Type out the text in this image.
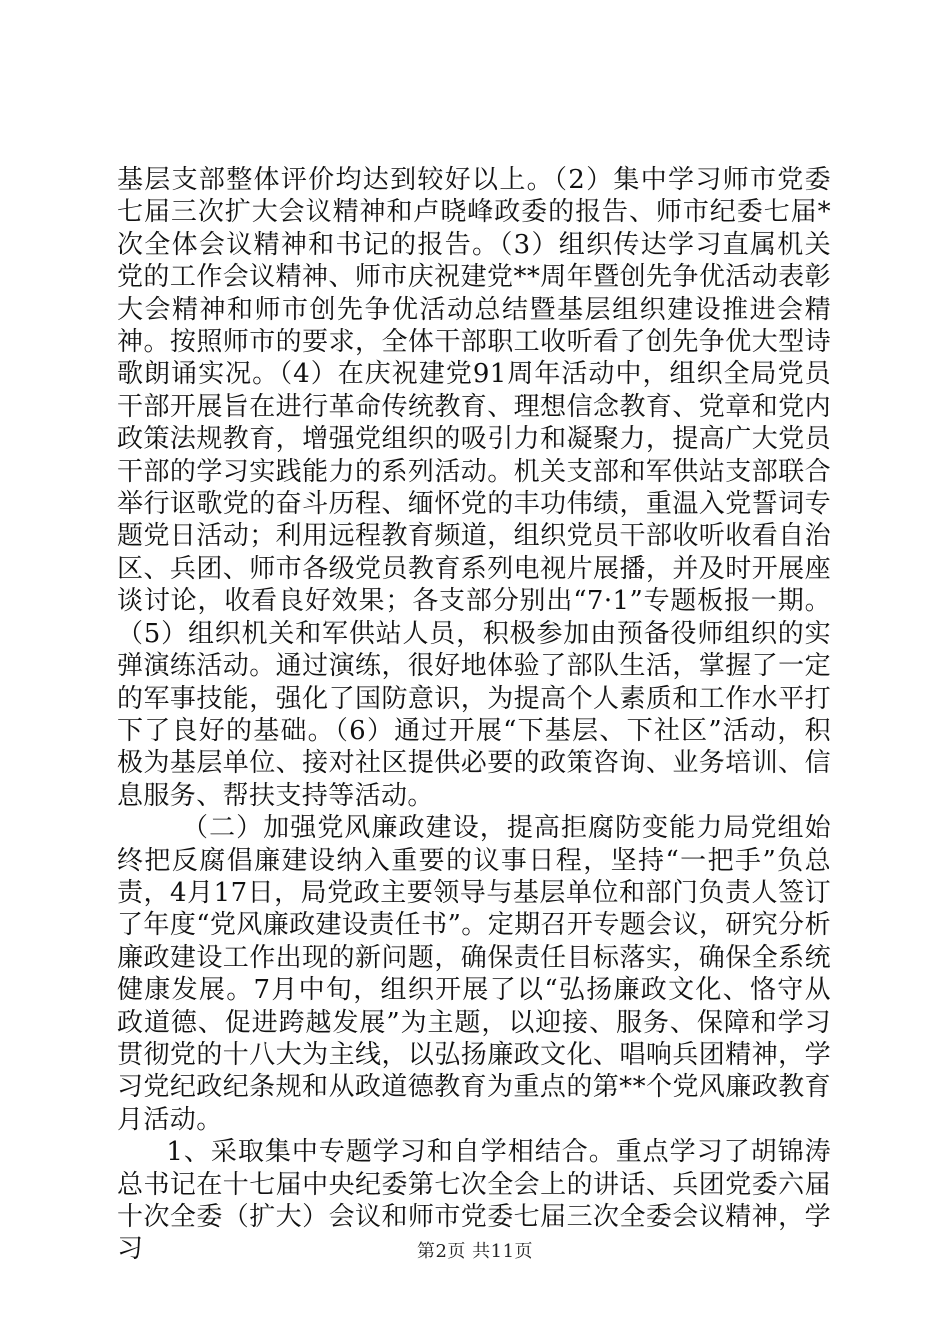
基层支部整体评价均达到较好以上。（2）集中学习师市党委七届三次扩大会议精神和卢晓峰政委的报告、师市纪委七届*次全体会议精神和书记的报告。（3）组织传达学习直属机关党的工作会议精神、师市庆祝建党**周年暨创先争优活动表彰大会精神和师市创先争优活动总结暨基层组织建设推进会精神。按照师市的要求，全体干部职工收听看了创先争优大型诗歌朗诵实况。（4）在庆祝建党91周年活动中，组织全局党员干部开展旨在进行革命传统教育、理想信念教育、党章和党内政策法规教育，增强党组织的吸引力和凝聚力，提高广大党员干部的学习实践能力的系列活动。机关支部和军供站支部联合举行讴歌党的奋斗历程、缅怀党的丰功伟绩，重温入党誓词专题党日活动；利用远程教育频道，组织党员干部收听收看自治区、兵团、师市各级党员教育系列电视片展播，并及时开展座谈讨论，收看良好效果；各支部分别出“7·1”专题板报一期。（5）组织机关和军供站人员，积极参加由预备役师组织的实弹演练活动。通过演练，很好地体验了部队生活，掌握了一定的军事技能，强化了国防意识，为提高个人素质和工作水平打下了良好的基础。（6）通过开展“下基层、下社区”活动，积极为基层单位、接对社区提供必要的政策咨询、业务培训、信息服务、帮扶支持等活动。

（二）加强党风廉政建设，提高拒腐防变能力局党组始终把反腐倡廉建设纳入重要的议事日程，坚持“一把手”负总责，4月17日，局党政主要领导与基层单位和部门负责人签订了年度“党风廉政建设责任书”。定期召开专题会议，研究分析廉政建设工作出现的新问题，确保责任目标落实，确保全系统健康发展。7月中旬，组织开展了以“弘扬廉政文化、恪守从政道德、促进跨越发展”为主题，以迎接、服务、保障和学习贯彻党的十八大为主线，以弘扬廉政文化、唱响兵团精神，学习党纪政纪条规和从政道德教育为重点的第**个党风廉政教育月活动。

1、采取集中专题学习和自学相结合。重点学习了胡锦涛总书记在十七届中央纪委第七次全会上的讲话、兵团党委六届十次全委（扩大）会议和师市党委七届三次全委会议精神，学习	第2页 共11页
